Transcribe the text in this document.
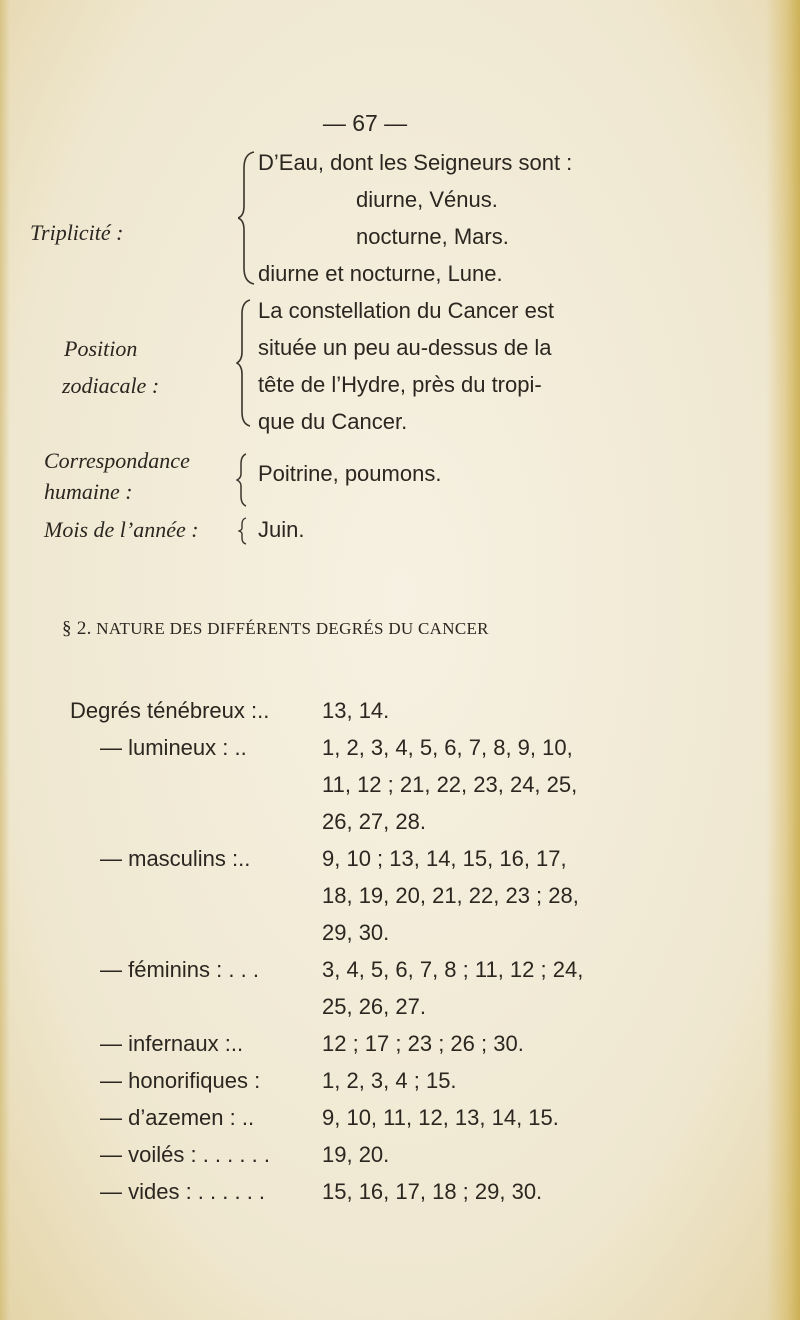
— 67 —
Triplicité :
D’Eau, dont les Seigneurs sont :
diurne, Vénus.
nocturne, Mars.
diurne et nocturne, Lune.
Position
zodiacale :
La constellation du Cancer est
située un peu au-dessus de la
tête de l’Hydre, près du tropi-
que du Cancer.
Correspondance
humaine :
Poitrine, poumons.
Mois de l’année :	Juin.
§ 2. NATURE DES DIFFÉRENTS DEGRÉS DU CANCER
Degrés ténébreux :.. 13, 14.
— lumineux : ..	1, 2, 3, 4, 5, 6, 7, 8, 9, 10,
11, 12 ; 21, 22, 23, 24, 25,
26, 27, 28.
— masculins :..	9, 10 ; 13, 14, 15, 16, 17,
18, 19, 20, 21, 22, 23 ; 28,
29, 30.
— féminins : . . .	3, 4, 5, 6, 7, 8 ; 11, 12 ; 24,
25, 26, 27.
— infernaux :..	12 ; 17 ; 23 ; 26 ; 30.
— honorifiques :	1, 2, 3, 4 ; 15.
— d’azemen : ..	9, 10, 11, 12, 13, 14, 15.
— voilés : . . . . . . 19, 20.
— vides : . . . . . .	15, 16, 17, 18 ; 29, 30.
